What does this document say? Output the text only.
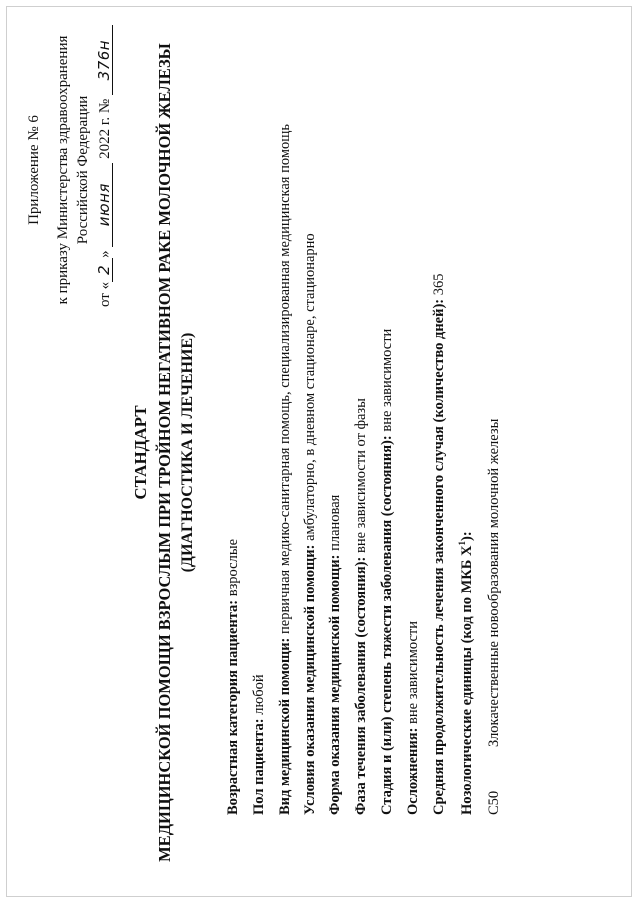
Приложение № 6 к приказу Министерства здравоохранения Российской Федерации
от «2» июня 2022 г. № 376н
СТАНДАРТ МЕДИЦИНСКОЙ ПОМОЩИ ВЗРОСЛЫМ ПРИ ТРОЙНОМ НЕГАТИВНОМ РАКЕ МОЛОЧНОЙ ЖЕЛЕЗЫ (ДИАГНОСТИКА И ЛЕЧЕНИЕ)
Возрастная категория пациента: взрослые
Пол пациента: любой Вид медицинской помощи: первичная медико-санитарная помощь, специализированная медицинская помощь
Условия оказания медицинской помощи: амбулаторно, в дневном стационаре, стационарно
Форма оказания медицинской помощи: плановая
Фаза течения заболевания (состояния): вне зависимости от фазы Стадия и (или) степень тяжести заболевания (состояния): вне зависимости
Осложнения: вне зависимости Средняя продолжительность лечения законченного случая (количество дней): 365
Нозологические единицы (код по МКБ $X^1$):
C50
Злокачественные новообразования молочной железы
